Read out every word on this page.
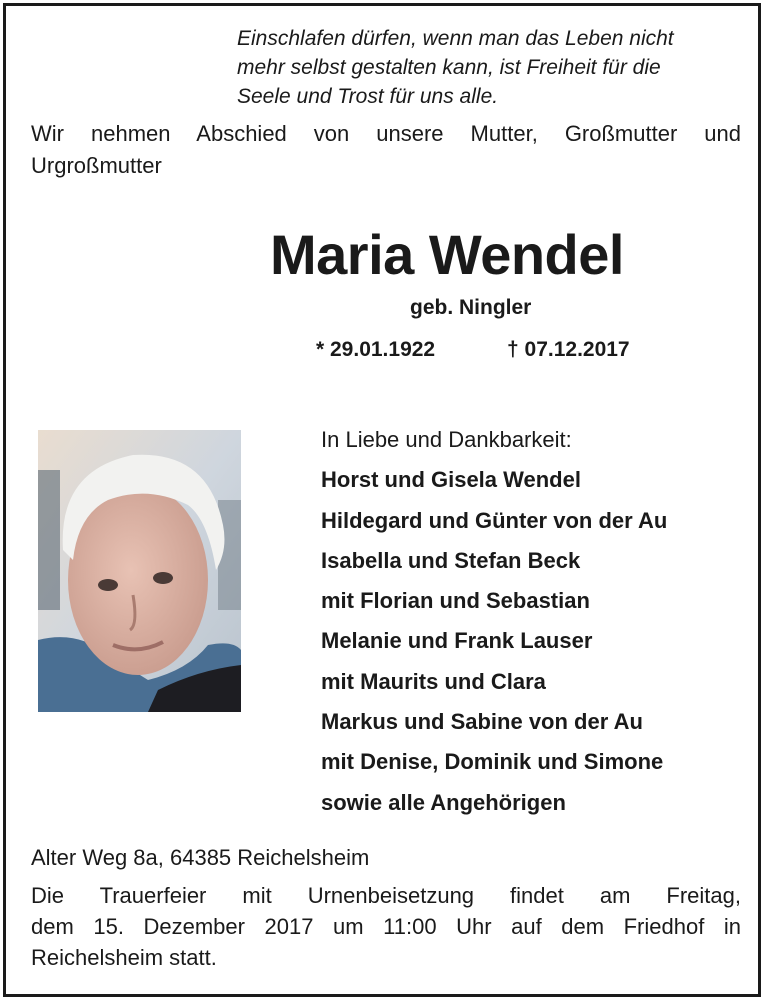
Einschlafen dürfen, wenn man das Leben nicht
mehr selbst gestalten kann, ist Freiheit für die
Seele und Trost für uns alle.
Wir nehmen Abschied von unsere Mutter, Großmutter und
Urgroßmutter
Maria Wendel
geb. Ningler
* 29.01.1922	† 07.12.2017
In Liebe und Dankbarkeit:
Horst und Gisela Wendel
Hildegard und Günter von der Au
Isabella und Stefan Beck
mit Florian und Sebastian
Melanie und Frank Lauser
mit Maurits und Clara
Markus und Sabine von der Au
mit Denise, Dominik und Simone
sowie alle Angehörigen
Alter Weg 8a, 64385 Reichelsheim
Die Trauerfeier mit Urnenbeisetzung findet am Freitag,
dem 15. Dezember 2017 um 11:00 Uhr auf dem Friedhof in
Reichelsheim statt.
